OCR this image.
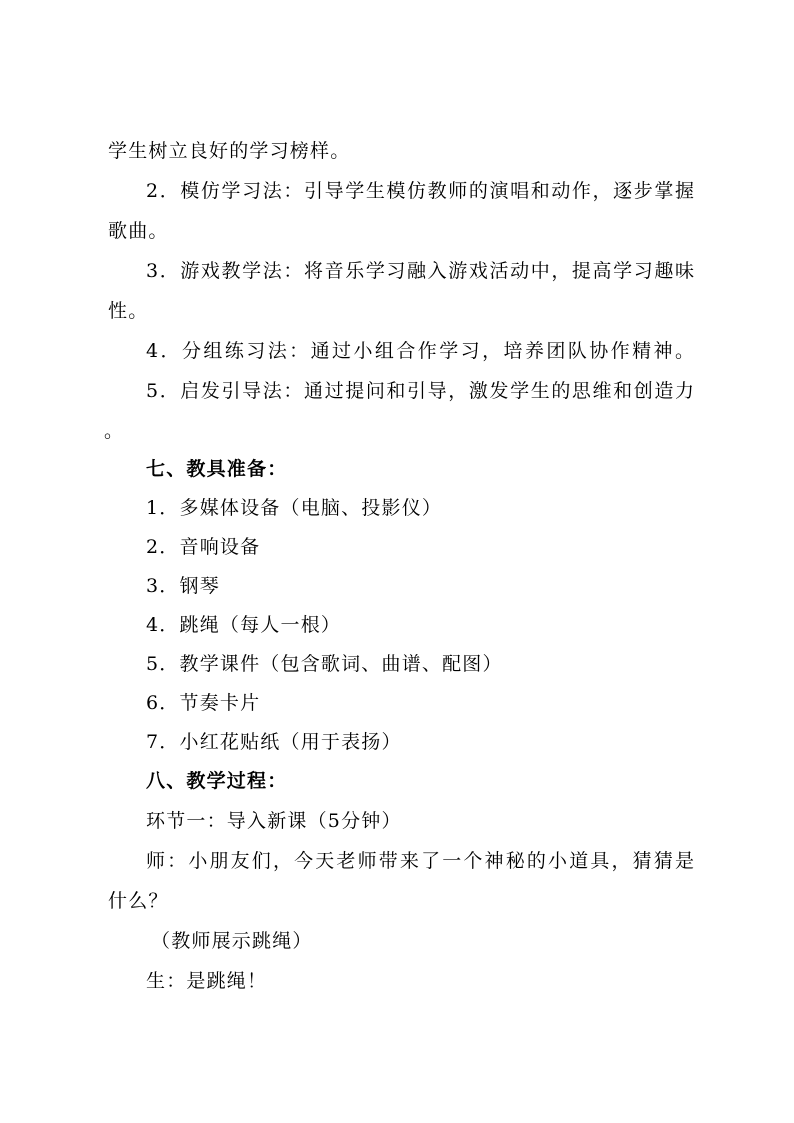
学生树立良好的学习榜样。
2．模仿学习法：引导学生模仿教师的演唱和动作，逐步掌握
歌曲。
3．游戏教学法：将音乐学习融入游戏活动中，提高学习趣味
性。
4．分组练习法：通过小组合作学习，培养团队协作精神。
5．启发引导法：通过提问和引导，激发学生的思维和创造力
。
七、教具准备：
1．多媒体设备（电脑、投影仪）
2．音响设备
3．钢琴
4．跳绳（每人一根）
5．教学课件（包含歌词、曲谱、配图）
6．节奏卡片
7．小红花贴纸（用于表扬）
八、教学过程：
环节一：导入新课（5分钟）
师：小朋友们，今天老师带来了一个神秘的小道具，猜猜是
什么？
（教师展示跳绳）
生：是跳绳！
